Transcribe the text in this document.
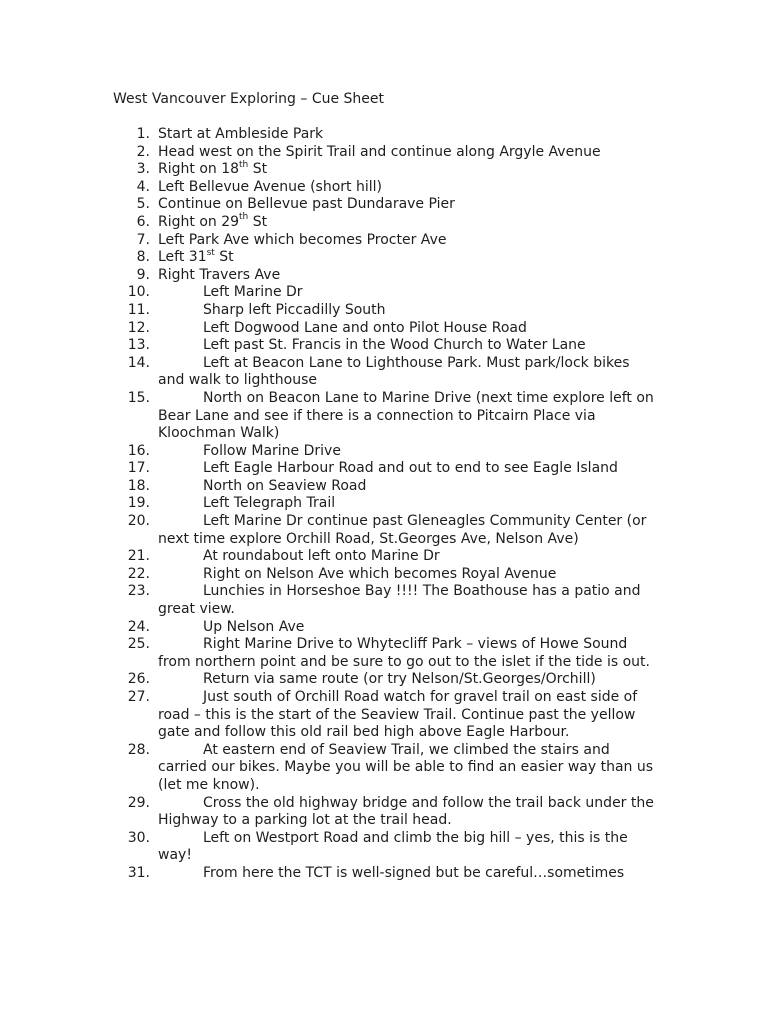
West Vancouver Exploring – Cue Sheet
1. Start at Ambleside Park
2. Head west on the Spirit Trail and continue along Argyle Avenue
3. Right on 18th St
4. Left Bellevue Avenue (short hill)
5. Continue on Bellevue past Dundarave Pier
6. Right on 29th St
7. Left Park Ave which becomes Procter Ave
8. Left 31st St
9. Right Travers Ave
10.	Left Marine Dr
11.	Sharp left Piccadilly South
12.	Left Dogwood Lane and onto Pilot House Road
13.	Left past St. Francis in the Wood Church to Water Lane
14.	Left at Beacon Lane to Lighthouse Park. Must park/lock bikes and walk to lighthouse
15.	North on Beacon Lane to Marine Drive (next time explore left on Bear Lane and see if there is a connection to Pitcairn Place via Kloochman Walk)
16.	Follow Marine Drive
17.	Left Eagle Harbour Road and out to end to see Eagle Island
18.	North on Seaview Road
19.	Left Telegraph Trail
20.	Left Marine Dr continue past Gleneagles Community Center (or next time explore Orchill Road, St.Georges Ave, Nelson Ave)
21.	At roundabout left onto Marine Dr
22.	Right on Nelson Ave which becomes Royal Avenue
23.	Lunchies in Horseshoe Bay !!!! The Boathouse has a patio and great view.
24.	Up Nelson Ave
25.	Right Marine Drive to Whytecliff Park – views of Howe Sound from northern point and be sure to go out to the islet if the tide is out.
26.	Return via same route (or try Nelson/St.Georges/Orchill)
27.	Just south of Orchill Road watch for gravel trail on east side of road – this is the start of the Seaview Trail. Continue past the yellow gate and follow this old rail bed high above Eagle Harbour.
28.	At eastern end of Seaview Trail, we climbed the stairs and carried our bikes. Maybe you will be able to find an easier way than us (let me know).
29.	Cross the old highway bridge and follow the trail back under the Highway to a parking lot at the trail head.
30.	Left on Westport Road and climb the big hill – yes, this is the way!
31.	From here the TCT is well-signed but be careful…sometimes
